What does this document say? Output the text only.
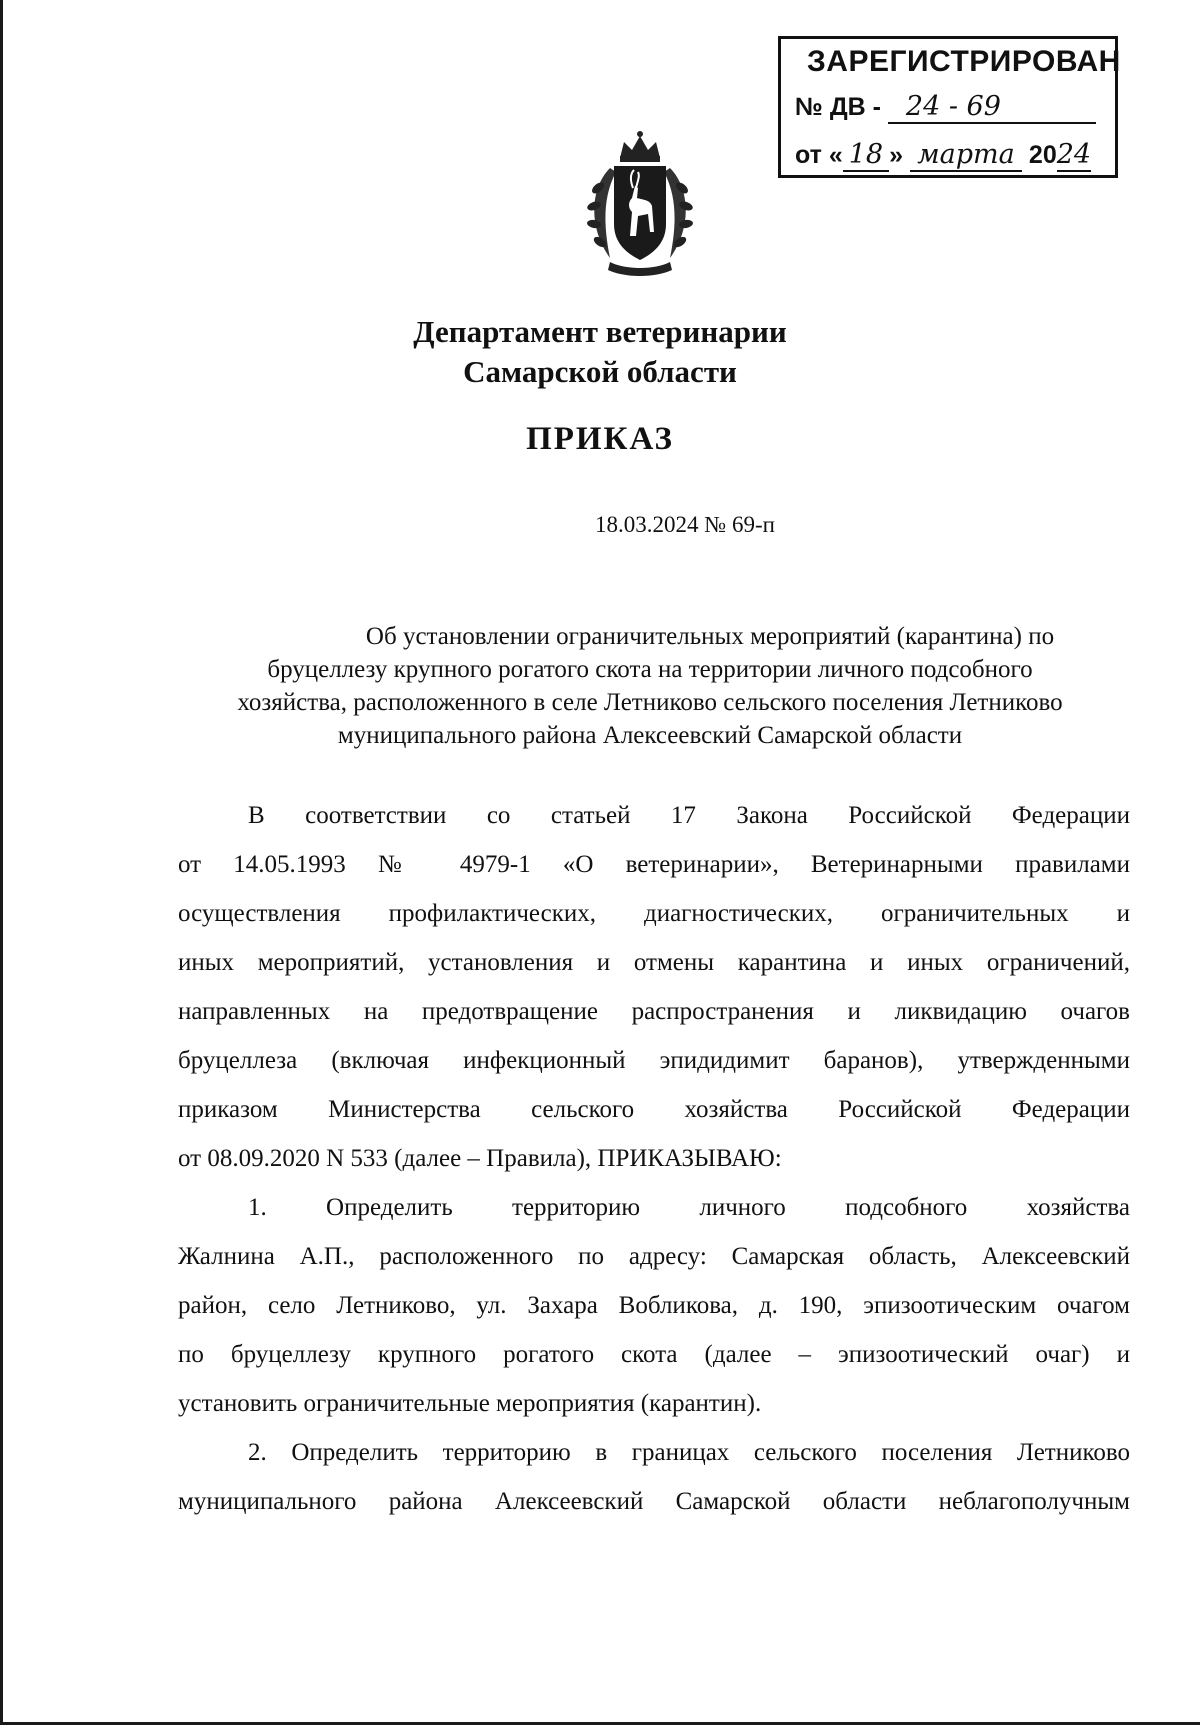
ЗАРЕГИСТРИРОВАН
№ ДВ - 24 - 69
от « 18 » марта 2024
Департамент ветеринарии
Самарской области
ПРИКАЗ
18.03.2024 № 69-п
Об установлении ограничительных мероприятий (карантина) по
бруцеллезу крупного рогатого скота на территории личного подсобного
хозяйства, расположенного в селе Летниково сельского поселения Летниково
муниципального района Алексеевский Самарской области
В соответствии со статьей 17 Закона Российской Федерации
от 14.05.1993 № 4979-1 «О ветеринарии», Ветеринарными правилами
осуществления профилактических, диагностических, ограничительных и
иных мероприятий, установления и отмены карантина и иных ограничений,
направленных на предотвращение распространения и ликвидацию очагов
бруцеллеза (включая инфекционный эпидидимит баранов), утвержденными
приказом Министерства сельского хозяйства Российской Федерации
от 08.09.2020 N 533 (далее – Правила), ПРИКАЗЫВАЮ:
1. Определить территорию личного подсобного хозяйства
Жалнина А.П., расположенного по адресу: Самарская область, Алексеевский
район, село Летниково, ул. Захара Вобликова, д. 190, эпизоотическим очагом
по бруцеллезу крупного рогатого скота (далее – эпизоотический очаг) и
установить ограничительные мероприятия (карантин).
2. Определить территорию в границах сельского поселения Летниково
муниципального района Алексеевский Самарской области неблагополучным
